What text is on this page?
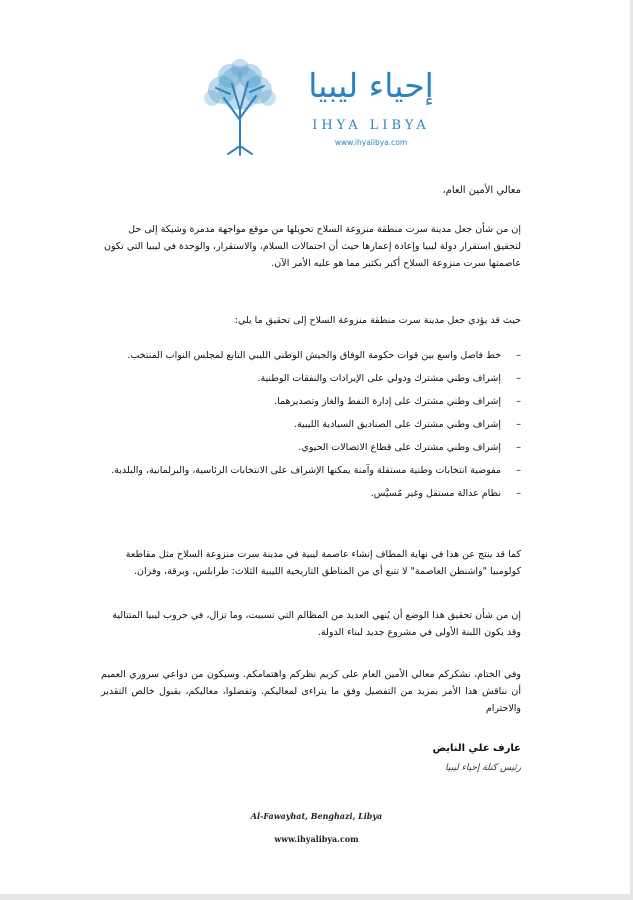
إحياء ليبيا
IHYA LIBYA
www.ihyalibya.com
معالي الأمين العام،
إن من شأن جعل مدينة سرت منطقة منزوعة السلاح تحويلها من موقع مواجهة مدمرة وشيكة إلى حل لتحقيق استقرار دولة ليبيا وإعادة إعمارها حيث أن احتمالات السلام، والاستقرار، والوحدة في ليبيا التي تكون عاصمتها سرت منزوعة السلاح أكبر بكثير مما هو عليه الأمر الآن.
حيث قد يؤدي جعل مدينة سرت منطقة منزوعة السلاح إلى تحقيق ما يلي:
– خط فاصل واسع بين قوات حكومة الوفاق والجيش الوطني الليبي التابع لمجلس النواب المنتخب.
– إشراف وطني مشترك ودولي على الإيرادات والنفقات الوطنية.
– إشراف وطني مشترك على إدارة النفط والغاز وتصديرهما.
– إشراف وطني مشترك على الصناديق السيادية الليبية.
– إشراف وطني مشترك على قطاع الاتصالات الحيوي.
– مفوضية انتخابات وطنية مستقلة وآمنة يمكنها الإشراف على الانتخابات الرئاسية، والبرلمانية، والبلدية.
– نظام عدالة مستقل وغير مُسيَّس.
كما قد ينتج عن هذا في نهاية المطاف إنشاء عاصمة ليبية في مدينة سرت منزوعة السلاح مثل مقاطعة كولومبيا "واشنطن العاصمة" لا تتبع أي من المناطق التاريخية الليبية الثلاث: طرابلس، وبرقة، وفزان.
إن من شأن تحقيق هذا الوضع أن يُنهي العديد من المظالم التي تسببت، وما تزال، في حروب ليبيا المتتالية وقد يكون اللبنة الأولى في مشروع جديد لبناء الدولة.
وفي الختام، نشكركم معالي الأمين العام على كريم نظركم واهتمامكم. وسيكون من دواعي سروري العميم أن نناقش هذا الأمر بمزيد من التفصيل وفق ما يتراءى لمعاليكم. وتفضلوا، معاليكم، بقبول خالص التقدير والاحترام
عارف علي النايض
رئيس كتلة إحياء ليبيا
Al-Fawayhat, Benghazi, Libya
www.ihyalibya.com
